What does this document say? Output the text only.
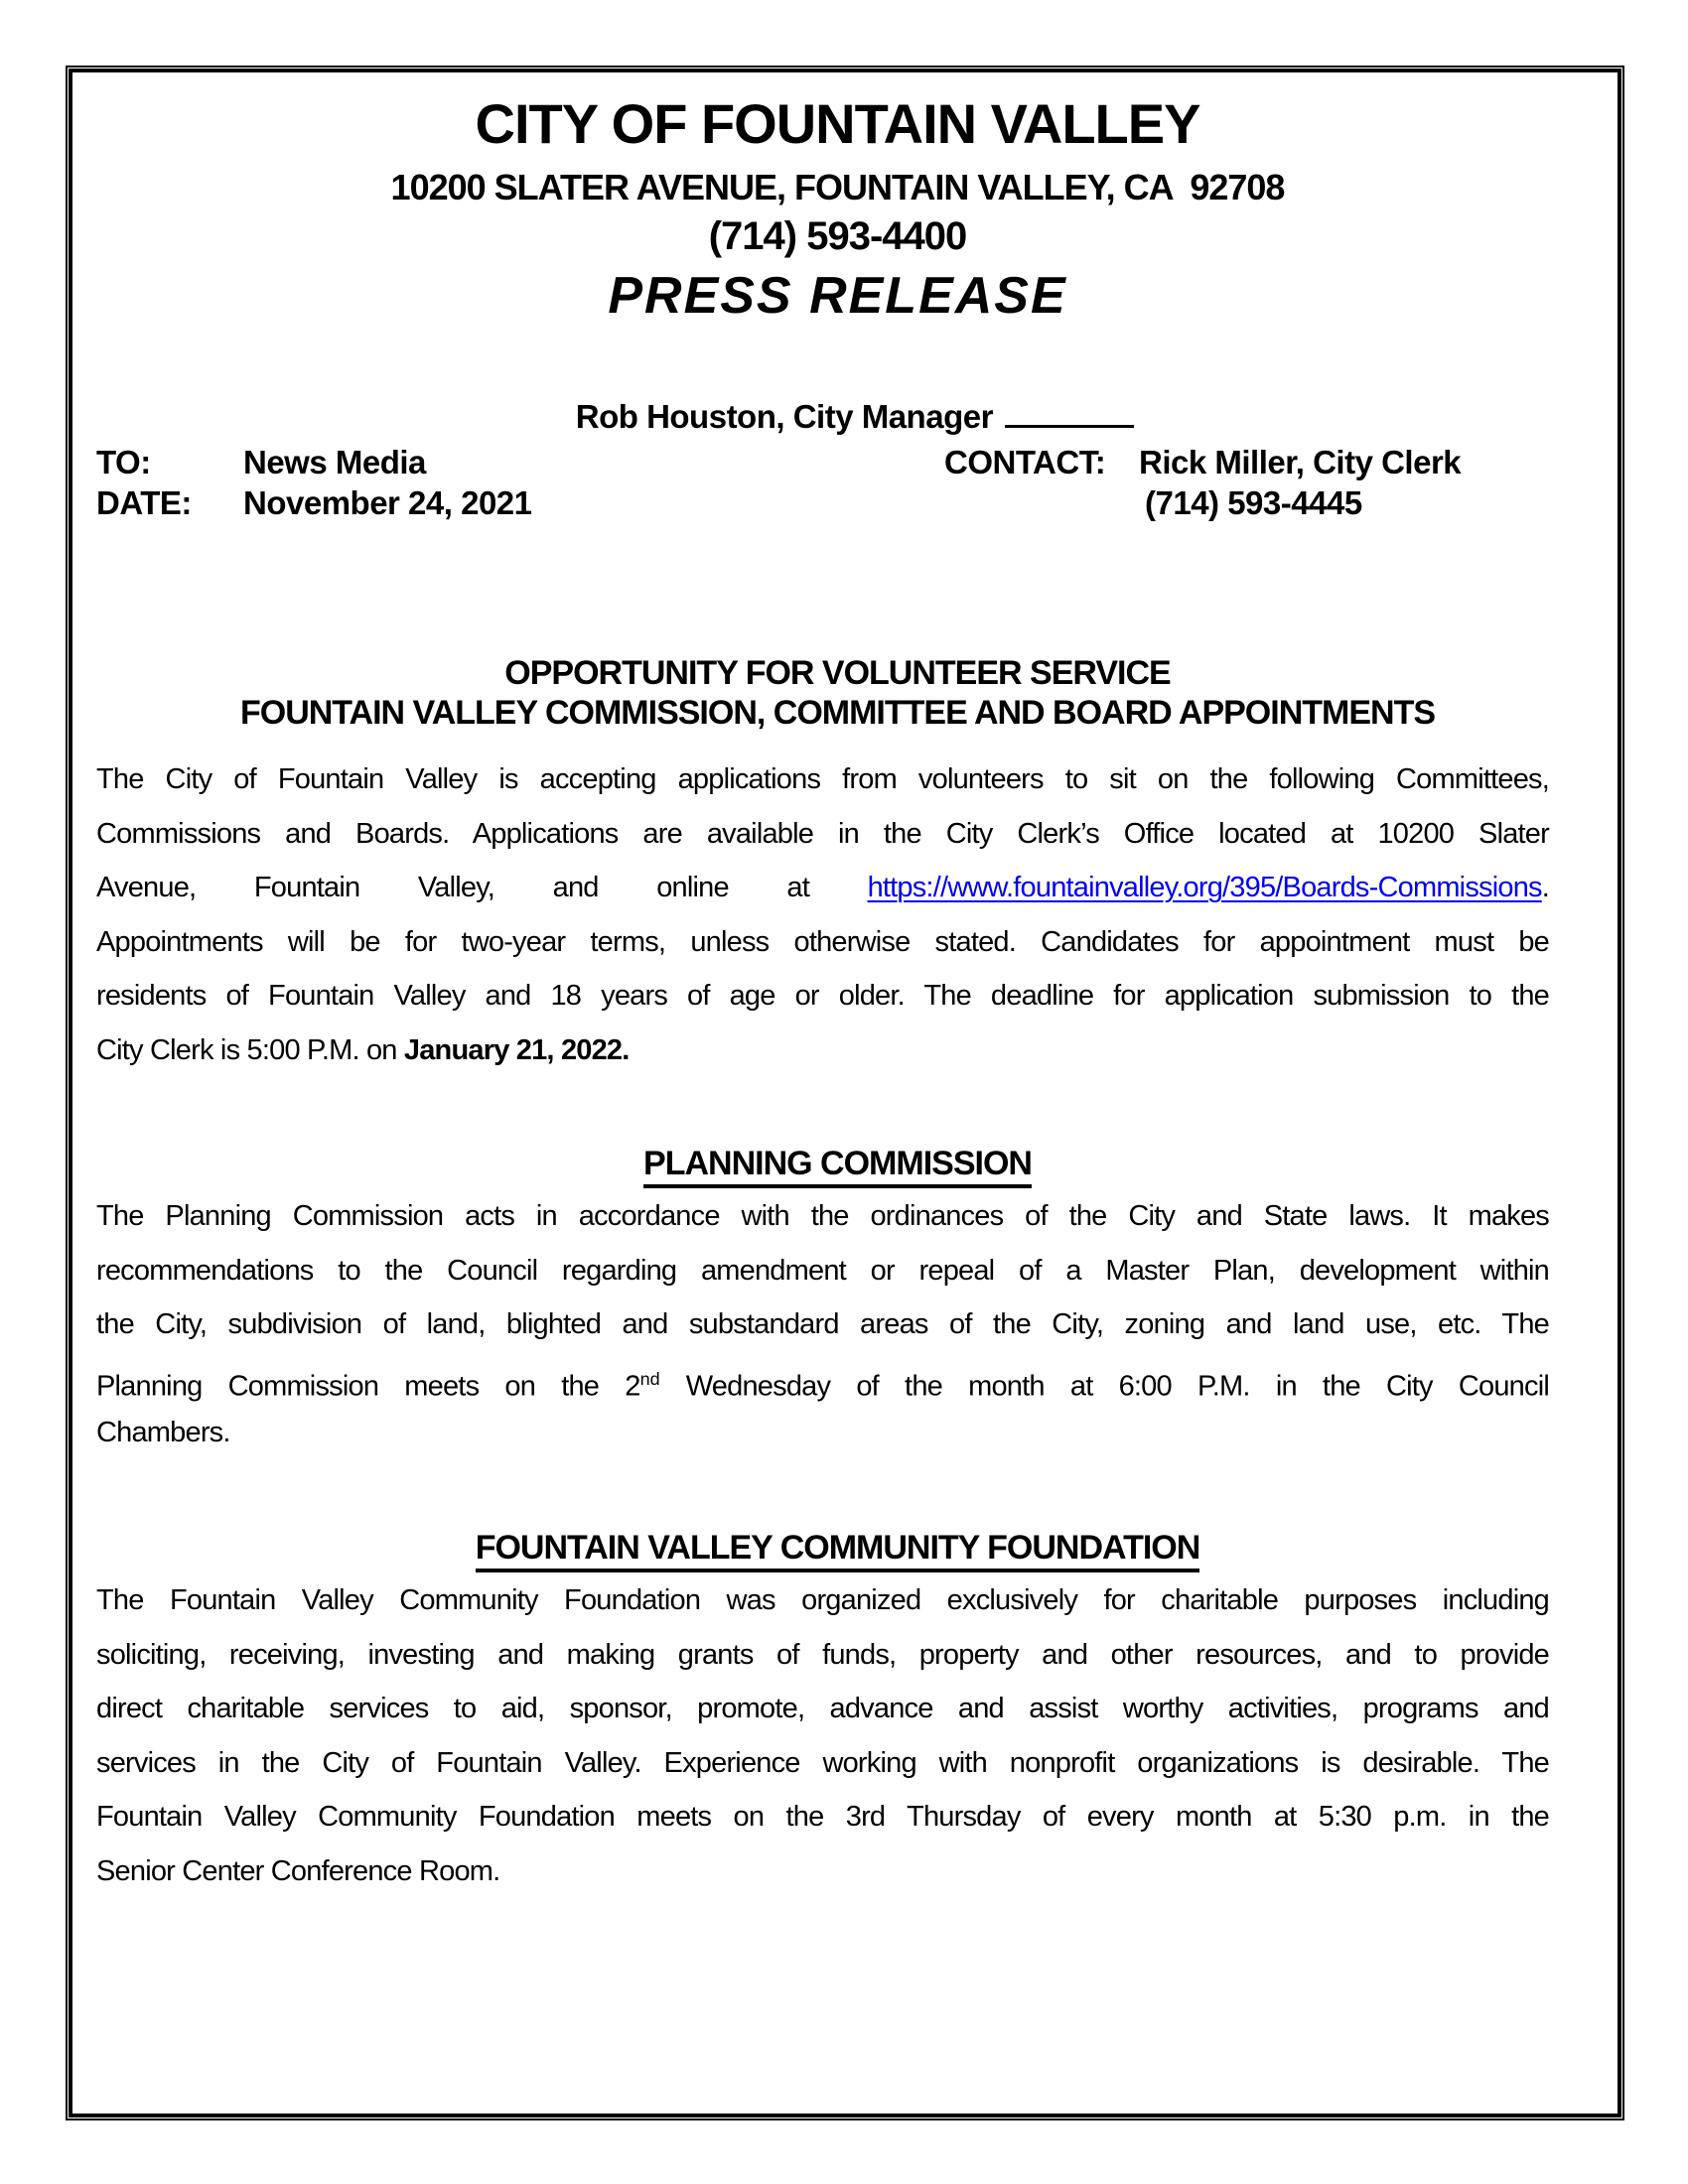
CITY OF FOUNTAIN VALLEY
10200 SLATER AVENUE, FOUNTAIN VALLEY, CA  92708
(714) 593-4400
PRESS RELEASE

Rob Houston, City Manager

TO:	News Media
DATE: November 24, 2021
CONTACT: Rick Miller, City Clerk
(714) 593-4445
OPPORTUNITY FOR VOLUNTEER SERVICE
FOUNTAIN VALLEY COMMISSION, COMMITTEE AND BOARD APPOINTMENTS
The City of Fountain Valley is accepting applications from volunteers to sit on the following Committees,
Commissions and Boards. Applications are available in the City Clerk’s Office located at 10200 Slater
Avenue, Fountain Valley, and online at https://www.fountainvalley.org/395/Boards-Commissions.
Appointments will be for two-year terms, unless otherwise stated. Candidates for appointment must be
residents of Fountain Valley and 18 years of age or older. The deadline for application submission to the
City Clerk is 5:00 P.M. on January 21, 2022.
PLANNING COMMISSION
The Planning Commission acts in accordance with the ordinances of the City and State laws. It makes
recommendations to the Council regarding amendment or repeal of a Master Plan, development within
the City, subdivision of land, blighted and substandard areas of the City, zoning and land use, etc. The
Planning Commission meets on the 2nd Wednesday of the month at 6:00 P.M. in the City Council
Chambers.
FOUNTAIN VALLEY COMMUNITY FOUNDATION
The Fountain Valley Community Foundation was organized exclusively for charitable purposes including
soliciting, receiving, investing and making grants of funds, property and other resources, and to provide
direct charitable services to aid, sponsor, promote, advance and assist worthy activities, programs and
services in the City of Fountain Valley. Experience working with nonprofit organizations is desirable. The
Fountain Valley Community Foundation meets on the 3rd Thursday of every month at 5:30 p.m. in the
Senior Center Conference Room.
